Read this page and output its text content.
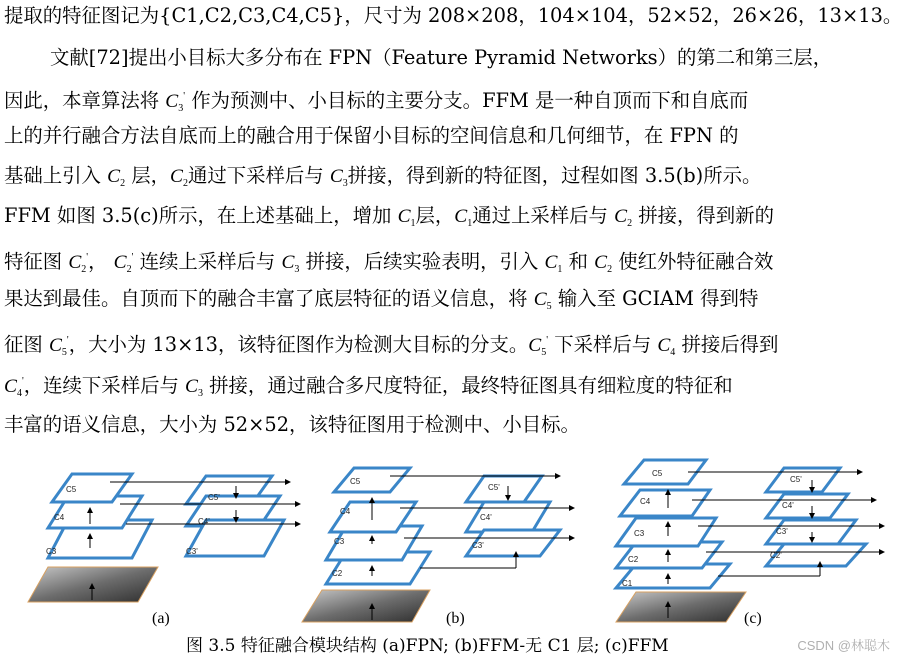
提取的特征图记为{C1,C2,C3,C4,C5}，尺寸为 208×208，104×104，52×52，26×26，13×13。
文献[72]提出小目标大多分布在 FPN（Feature Pyramid Networks）的第二和第三层，
因此，本章算法将 $C_3'$ 作为预测中、小目标的主要分支。FFM 是一种自顶而下和自底而
上的并行融合方法自底而上的融合用于保留小目标的空间信息和几何细节，在 FPN 的
基础上引入 $C_2$ 层，$C_2$通过下采样后与 $C_3$拼接，得到新的特征图，过程如图 3.5(b)所示。
FFM 如图 3.5(c)所示，在上述基础上，增加 $C_1$层，$C_1$通过上采样后与 $C_2$ 拼接，得到新的
特征图 $C_2'$， $C_2'$ 连续上采样后与 $C_3$ 拼接，后续实验表明，引入 $C_1$ 和 $C_2$ 使红外特征融合效
果达到最佳。自顶而下的融合丰富了底层特征的语义信息，将 $C_5$ 输入至 GCIAM 得到特
征图 $C_5'$，大小为 13×13，该特征图作为检测大目标的分支。$C_5'$ 下采样后与 $C_4$ 拼接后得到
$C_4'$，连续下采样后与 $C_3$ 拼接，通过融合多尺度特征，最终特征图具有细粒度的特征和
丰富的语义信息，大小为 52×52，该特征图用于检测中、小目标。
C5
C4
C3
C5'
C4'
C3'
C5
C4
C3
C2
C5'
C4'
C3'
C5
C4
C3
C2
C1
C5'
C4'
C3'
C2'
(a)	(b)	(c)
图 3.5 特征融合模块结构 (a)FPN; (b)FFM-无 C1 层; (c)FFM	CSDN @林聪木
